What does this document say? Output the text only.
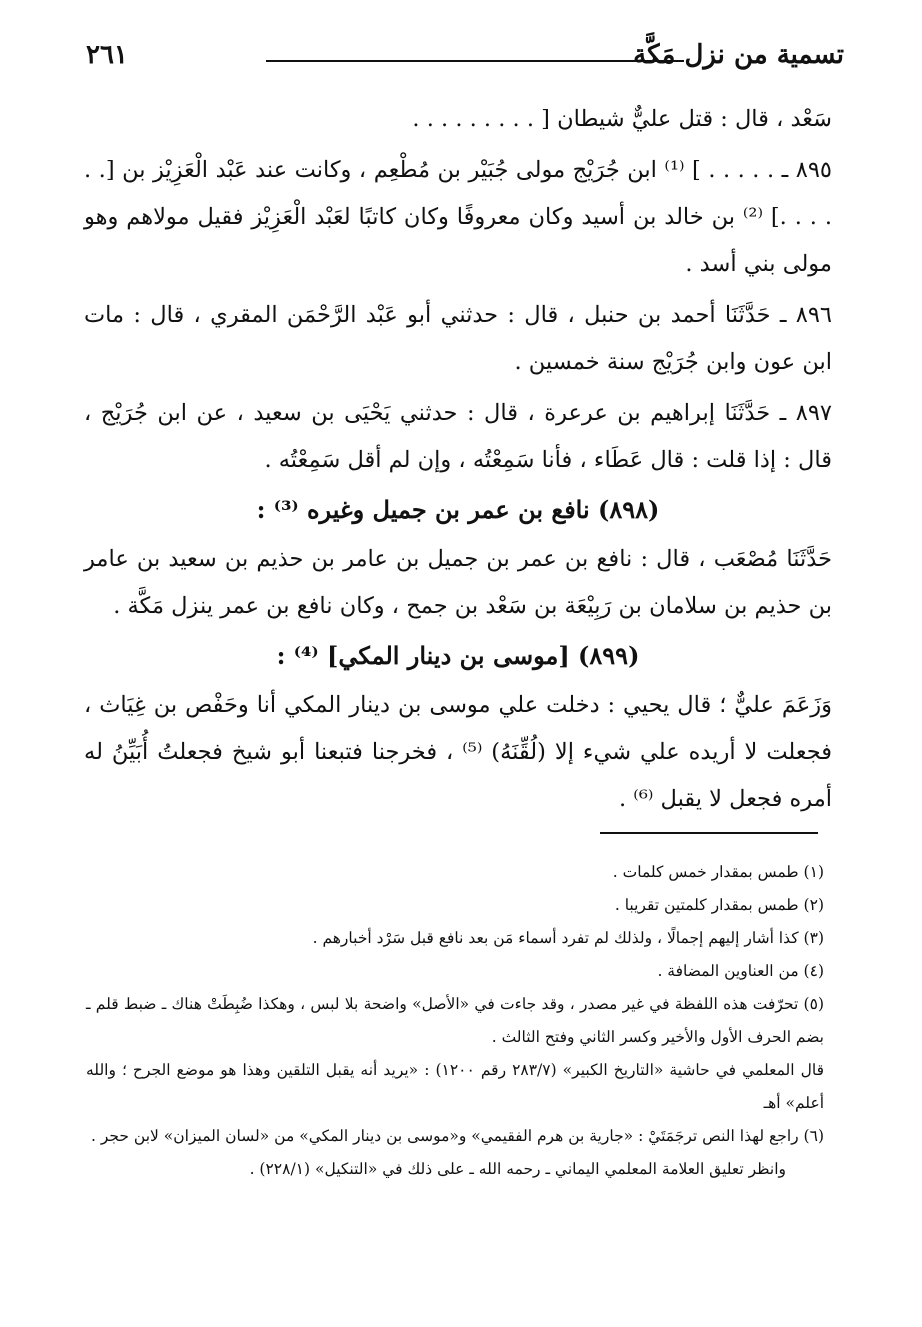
٢٦١	تسمية من نزل مَكَّة

سَعْد ، قال : قتل عليٌّ شيطان [ . . . . . . . . .

٨٩٥ ـ . . . . . ] ⁽¹⁾ ابن جُرَيْج مولى جُبَيْر بن مُطْعِم ، وكانت عند عَبْد الْعَزِيْز بن [. . . . . .] ⁽²⁾ بن خالد بن أسيد وكان معروفًا وكان كاتبًا لعَبْد الْعَزِيْز فقيل مولاهم وهو مولى بني أسد .

٨٩٦ ـ حَدَّثَنَا أحمد بن حنبل ، قال : حدثني أبو عَبْد الرَّحْمَن المقري ، قال : مات ابن عون وابن جُرَيْج سنة خمسين .

٨٩٧ ـ حَدَّثَنَا إبراهيم بن عرعرة ، قال : حدثني يَحْيَى بن سعيد ، عن ابن جُرَيْج ، قال : إذا قلت : قال عَطَاء ، فأنا سَمِعْتُه ، وإن لم أقل سَمِعْتُه .

(٨٩٨) نافع بن عمر بن جميل وغيره ⁽³⁾ :

حَدَّثَنَا مُصْعَب ، قال : نافع بن عمر بن جميل بن عامر بن حذيم بن سعيد بن عامر بن حذيم بن سلامان بن رَبِيْعَة بن سَعْد بن جمح ، وكان نافع بن عمر ينزل مَكَّة .

(٨٩٩) [موسى بن دينار المكي] ⁽⁴⁾ :

وَزَعَمَ عليٌّ ؛ قال يحيي : دخلت علي موسى بن دينار المكي أنا وحَفْص بن غِيَاث ، فجعلت لا أريده علي شيء إلا (لُقِّنَهُ) ⁽⁵⁾ ، فخرجنا فتبعنا أبو شيخ فجعلتُ أُبَيِّنُ له أمره فجعل لا يقبل ⁽⁶⁾ .

(١) طمس بمقدار خمس كلمات .

(٢) طمس بمقدار كلمتين تقريبا .

(٣) كذا أشار إليهم إجمالًا ، ولذلك لم تفرد أسماء مَن بعد نافع قبل سَرْد أخبارهم .

(٤) من العناوين المضافة .

(٥) تحرّفت هذه اللفظة في غير مصدر ، وقد جاءت في «الأصل» واضحة بلا لبس ، وهكذا ضُبِطَتْ هناك ـ ضبط قلم ـ بضم الحرف الأول والأخير وكسر الثاني وفتح الثالث .

قال المعلمي في حاشية «التاريخ الكبير» (٢٨٣/٧ رقم ١٢٠٠) : «يريد أنه يقبل التلقين وهذا هو موضع الجرح ؛ والله أعلم» أهـ

(٦) راجع لهذا النص ترجَمَتَيْ : «جارية بن هرم الفقيمي» و«موسى بن دينار المكي» من «لسان الميزان» لابن حجر .

وانظر تعليق العلامة المعلمي اليماني ـ رحمه الله ـ على ذلك في «التنكيل» (٢٢٨/١) .
